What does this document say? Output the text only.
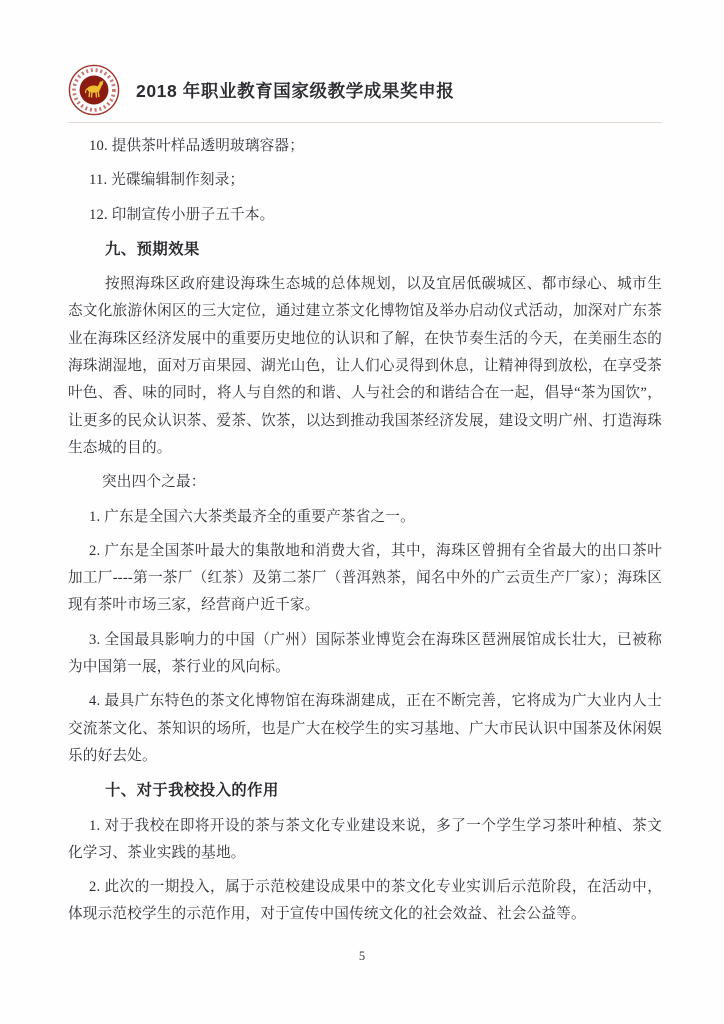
2018 年职业教育国家级教学成果奖申报

10. 提供茶叶样品透明玻璃容器；

11. 光碟编辑制作刻录；

12. 印制宣传小册子五千本。

九、预期效果

按照海珠区政府建设海珠生态城的总体规划，以及宜居低碳城区、都市绿心、城市生态文化旅游休闲区的三大定位，通过建立茶文化博物馆及举办启动仪式活动，加深对广东茶业在海珠区经济发展中的重要历史地位的认识和了解，在快节奏生活的今天，在美丽生态的海珠湖湿地，面对万亩果园、湖光山色，让人们心灵得到休息，让精神得到放松，在享受茶叶色、香、味的同时，将人与自然的和谐、人与社会的和谐结合在一起，倡导“茶为国饮”，让更多的民众认识茶、爱茶、饮茶，以达到推动我国茶经济发展，建设文明广州、打造海珠生态城的目的。

突出四个之最：

1. 广东是全国六大茶类最齐全的重要产茶省之一。

2. 广东是全国茶叶最大的集散地和消费大省，其中，海珠区曾拥有全省最大的出口茶叶加工厂----第一茶厂（红茶）及第二茶厂（普洱熟茶，闻名中外的广云贡生产厂家）；海珠区现有茶叶市场三家，经营商户近千家。

3. 全国最具影响力的中国（广州）国际茶业博览会在海珠区琶洲展馆成长壮大，已被称为中国第一展，茶行业的风向标。

4. 最具广东特色的茶文化博物馆在海珠湖建成，正在不断完善，它将成为广大业内人士交流茶文化、茶知识的场所，也是广大在校学生的实习基地、广大市民认识中国茶及休闲娱乐的好去处。

十、对于我校投入的作用

1. 对于我校在即将开设的茶与茶文化专业建设来说，多了一个学生学习茶叶种植、茶文化学习、茶业实践的基地。

2. 此次的一期投入，属于示范校建设成果中的茶文化专业实训后示范阶段，在活动中，体现示范校学生的示范作用，对于宣传中国传统文化的社会效益、社会公益等。

5
